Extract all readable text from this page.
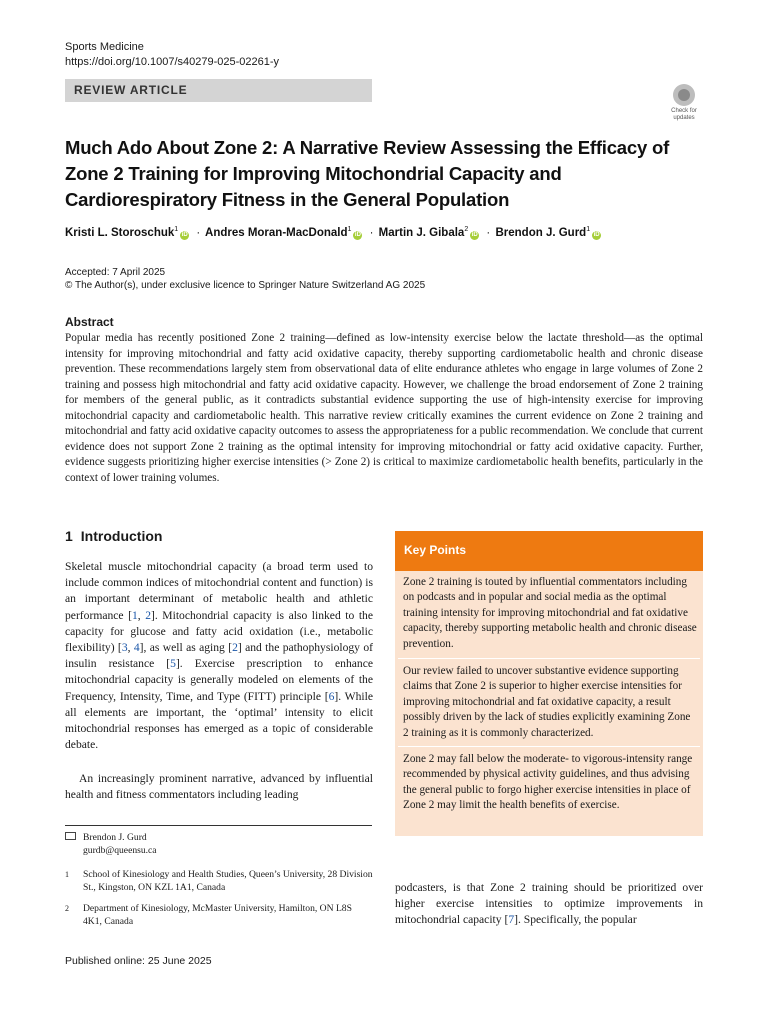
Sports Medicine
https://doi.org/10.1007/s40279-025-02261-y
REVIEW ARTICLE
Check for
updates
Much Ado About Zone 2: A Narrative Review Assessing the Efficacy of Zone 2 Training for Improving Mitochondrial Capacity and Cardiorespiratory Fitness in the General Population
Kristi L. Storoschuk$^1$iD · Andres Moran-MacDonald$^1$iD · Martin J. Gibala$^2$iD · Brendon J. Gurd$^1$iD
Accepted: 7 April 2025
© The Author(s), under exclusive licence to Springer Nature Switzerland AG 2025
Abstract
Popular media has recently positioned Zone 2 training—defined as low-intensity exercise below the lactate threshold—as the optimal intensity for improving mitochondrial and fatty acid oxidative capacity, thereby supporting cardiometabolic health and chronic disease prevention. These recommendations largely stem from observational data of elite endurance athletes who engage in large volumes of Zone 2 training and possess high mitochondrial and fatty acid oxidative capacity. However, we challenge the broad endorsement of Zone 2 training for members of the general public, as it contradicts substantial evidence supporting the use of high-intensity exercise for improving mitochondrial capacity and cardiometabolic health. This narrative review critically examines the current evidence on Zone 2 training and mitochondrial and fatty acid oxidative capacity outcomes to assess the appropriateness for a public recommendation. We conclude that current evidence does not support Zone 2 training as the optimal intensity for improving mitochondrial or fatty acid oxidative capacity. Further, evidence suggests prioritizing higher exercise intensities (> Zone 2) is critical to maximize cardiometabolic health benefits, particularly in the context of lower training volumes.
1 Introduction
Skeletal muscle mitochondrial capacity (a broad term used to include common indices of mitochondrial content and function) is an important determinant of metabolic health and athletic performance [1, 2]. Mitochondrial capacity is also linked to the capacity for glucose and fatty acid oxidation (i.e., metabolic flexibility) [3, 4], as well as aging [2] and the pathophysiology of insulin resistance [5]. Exercise prescription to enhance mitochondrial capacity is generally modeled on elements of the Frequency, Intensity, Time, and Type (FITT) principle [6]. While all elements are important, the ‘optimal’ intensity to elicit mitochondrial responses has emerged as a topic of considerable debate.
An increasingly prominent narrative, advanced by influential health and fitness commentators including leading
Brendon J. Gurd
gurdb@queensu.ca
1 School of Kinesiology and Health Studies, Queen’s University, 28 Division St., Kingston, ON KZL 1A1, Canada
2 Department of Kinesiology, McMaster University, Hamilton, ON L8S 4K1, Canada
Key Points
Zone 2 training is touted by influential commentators including on podcasts and in popular and social media as the optimal training intensity for improving mitochondrial and fat oxidative capacity, thereby supporting metabolic health and chronic disease prevention.
Our review failed to uncover substantive evidence supporting claims that Zone 2 is superior to higher exercise intensities for improving mitochondrial and fat oxidative capacity, a result possibly driven by the lack of studies explicitly examining Zone 2 training as it is commonly characterized.
Zone 2 may fall below the moderate- to vigorous-intensity range recommended by physical activity guidelines, and thus advising the general public to forgo higher exercise intensities in place of Zone 2 may limit the health benefits of exercise.
podcasters, is that Zone 2 training should be prioritized over higher exercise intensities to optimize improvements in mitochondrial capacity [7]. Specifically, the popular
Published online: 25 June 2025
